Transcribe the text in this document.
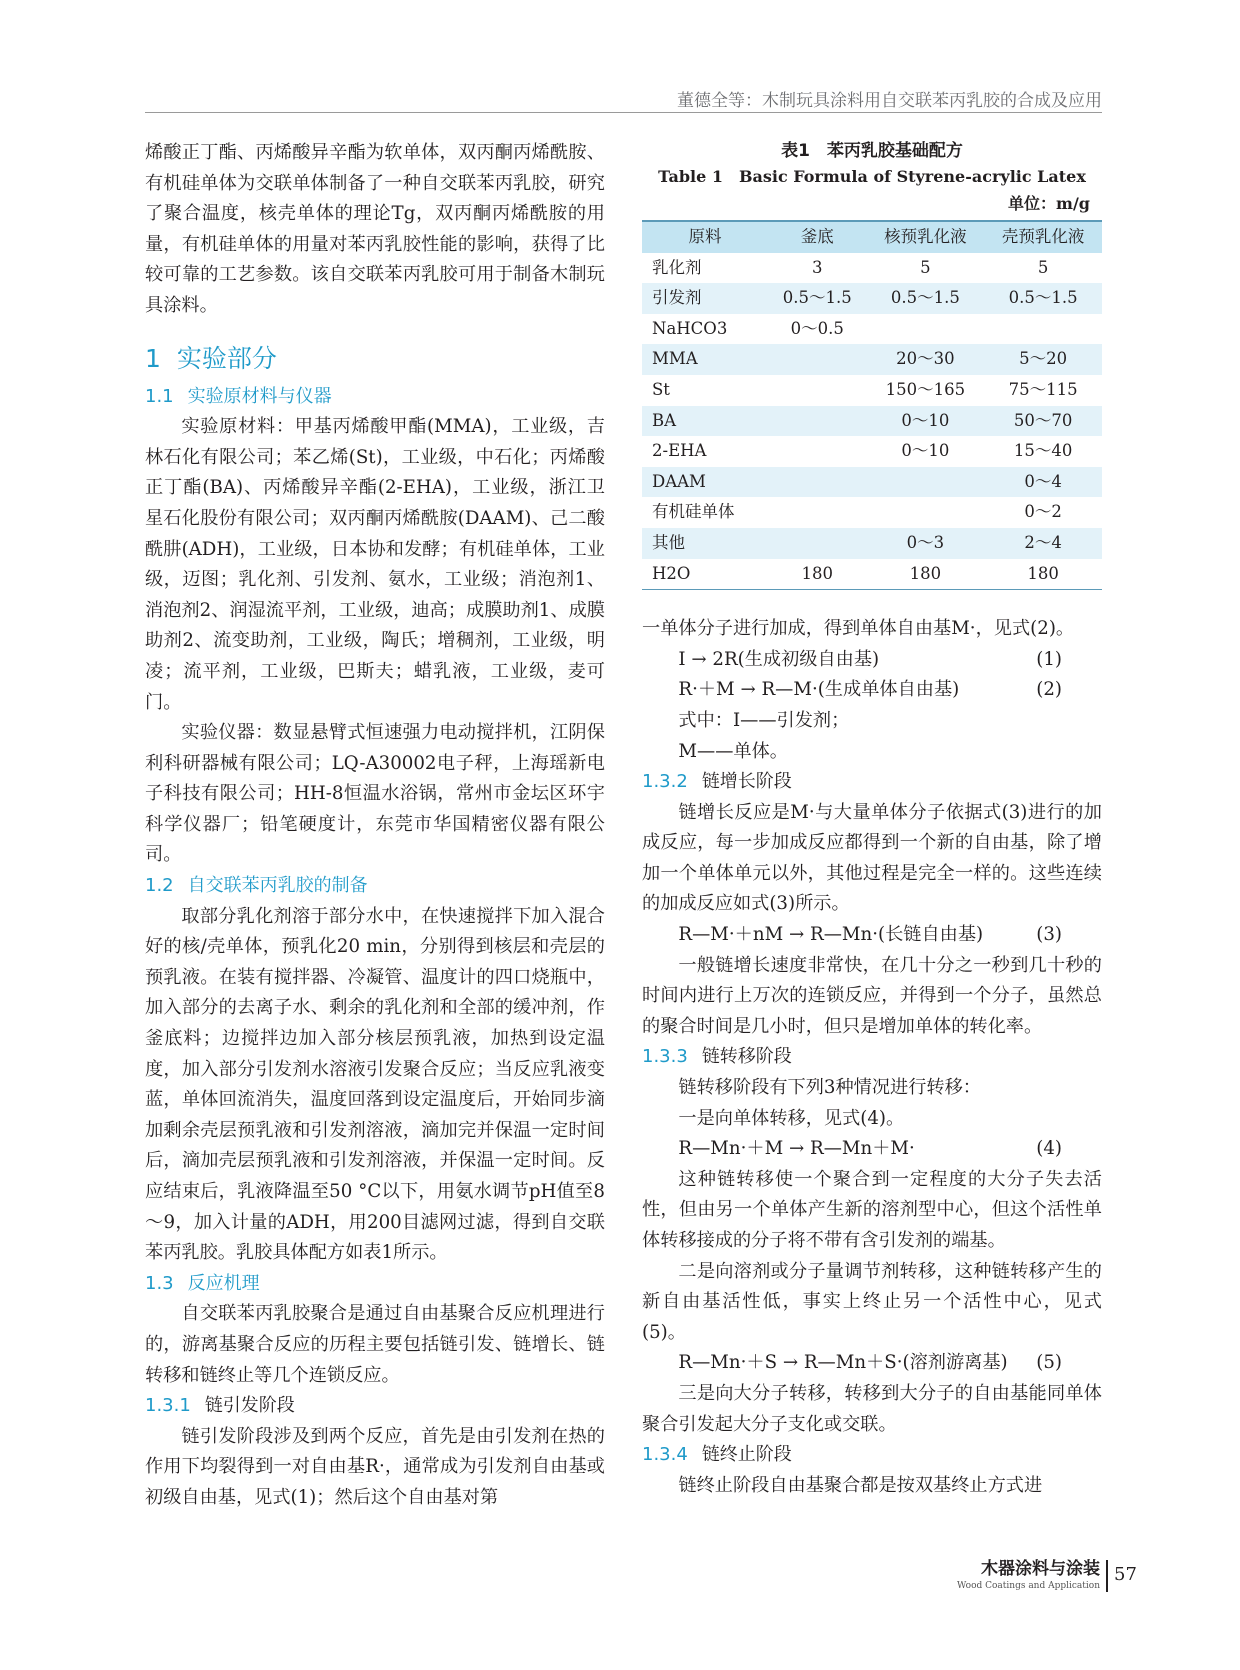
董德全等：木制玩具涂料用自交联苯丙乳胶的合成及应用

烯酸正丁酯、丙烯酸异辛酯为软单体，双丙酮丙烯酰胺、有机硅单体为交联单体制备了一种自交联苯丙乳胶，研究了聚合温度，核壳单体的理论Tg，双丙酮丙烯酰胺的用量，有机硅单体的用量对苯丙乳胶性能的影响，获得了比较可靠的工艺参数。该自交联苯丙乳胶可用于制备木制玩具涂料。

1 实验部分
1.1 实验原材料与仪器

实验原材料：甲基丙烯酸甲酯(MMA)，工业级，吉林石化有限公司；苯乙烯(St)，工业级，中石化；丙烯酸正丁酯(BA)、丙烯酸异辛酯(2-EHA)，工业级，浙江卫星石化股份有限公司；双丙酮丙烯酰胺(DAAM)、己二酸酰肼(ADH)，工业级，日本协和发酵；有机硅单体，工业级，迈图；乳化剂、引发剂、氨水，工业级；消泡剂1、消泡剂2、润湿流平剂，工业级，迪高；成膜助剂1、成膜助剂2、流变助剂，工业级，陶氏；增稠剂，工业级，明凌；流平剂，工业级，巴斯夫；蜡乳液，工业级，麦可门。

实验仪器：数显悬臂式恒速强力电动搅拌机，江阴保利科研器械有限公司；LQ-A30002电子秤，上海瑶新电子科技有限公司；HH-8恒温水浴锅，常州市金坛区环宇科学仪器厂；铅笔硬度计，东莞市华国精密仪器有限公司。

1.2 自交联苯丙乳胶的制备

取部分乳化剂溶于部分水中，在快速搅拌下加入混合好的核/壳单体，预乳化20 min，分别得到核层和壳层的预乳液。在装有搅拌器、冷凝管、温度计的四口烧瓶中，加入部分的去离子水、剩余的乳化剂和全部的缓冲剂，作釜底料；边搅拌边加入部分核层预乳液，加热到设定温度，加入部分引发剂水溶液引发聚合反应；当反应乳液变蓝，单体回流消失，温度回落到设定温度后，开始同步滴加剩余壳层预乳液和引发剂溶液，滴加完并保温一定时间后，滴加壳层预乳液和引发剂溶液，并保温一定时间。反应结束后，乳液降温至50 °C以下，用氨水调节pH值至8～9，加入计量的ADH，用200目滤网过滤，得到自交联苯丙乳胶。乳胶具体配方如表1所示。

1.3 反应机理

自交联苯丙乳胶聚合是通过自由基聚合反应机理进行的，游离基聚合反应的历程主要包括链引发、链增长、链转移和链终止等几个连锁反应。

1.3.1 链引发阶段

链引发阶段涉及到两个反应，首先是由引发剂在热的作用下均裂得到一对自由基R·，通常成为引发剂自由基或初级自由基，见式(1)；然后这个自由基对第

表1　苯丙乳胶基础配方
Table 1　Basic Formula of Styrene-acrylic Latex
单位：m/g
原料	釜底	核预乳化液	壳预乳化液
乳化剂	3	5	5
引发剂	0.5～1.5	0.5～1.5	0.5～1.5
NaHCO3	0～0.5		
MMA		20～30	5～20
St		150～165	75～115
BA		0～10	50～70
2-EHA		0～10	15～40
DAAM			0～4
有机硅单体			0～2
其他		0～3	2～4
H2O	180	180	180

一单体分子进行加成，得到单体自由基M·，见式(2)。

I → 2R(生成初级自由基)	(1)
R·＋M → R—M·(生成单体自由基)	(2)
式中：I——引发剂；
M——单体。
1.3.2 链增长阶段

链增长反应是M·与大量单体分子依据式(3)进行的加成反应，每一步加成反应都得到一个新的自由基，除了增加一个单体单元以外，其他过程是完全一样的。这些连续的加成反应如式(3)所示。

R—M·＋nM → R—Mn·(长链自由基)	(3)

一般链增长速度非常快，在几十分之一秒到几十秒的时间内进行上万次的连锁反应，并得到一个分子，虽然总的聚合时间是几小时，但只是增加单体的转化率。

1.3.3 链转移阶段

链转移阶段有下列3种情况进行转移：

一是向单体转移，见式(4)。

R—Mn·＋M → R—Mn＋M·	(4)

这种链转移使一个聚合到一定程度的大分子失去活性，但由另一个单体产生新的溶剂型中心，但这个活性单体转移接成的分子将不带有含引发剂的端基。

二是向溶剂或分子量调节剂转移，这种链转移产生的新自由基活性低，事实上终止另一个活性中心，见式(5)。

R—Mn·＋S → R—Mn＋S·(溶剂游离基) (5)

三是向大分子转移，转移到大分子的自由基能同单体聚合引发起大分子支化或交联。

1.3.4 链终止阶段

链终止阶段自由基聚合都是按双基终止方式进

木器涂料与涂装
Wood Coatings and Application
57
